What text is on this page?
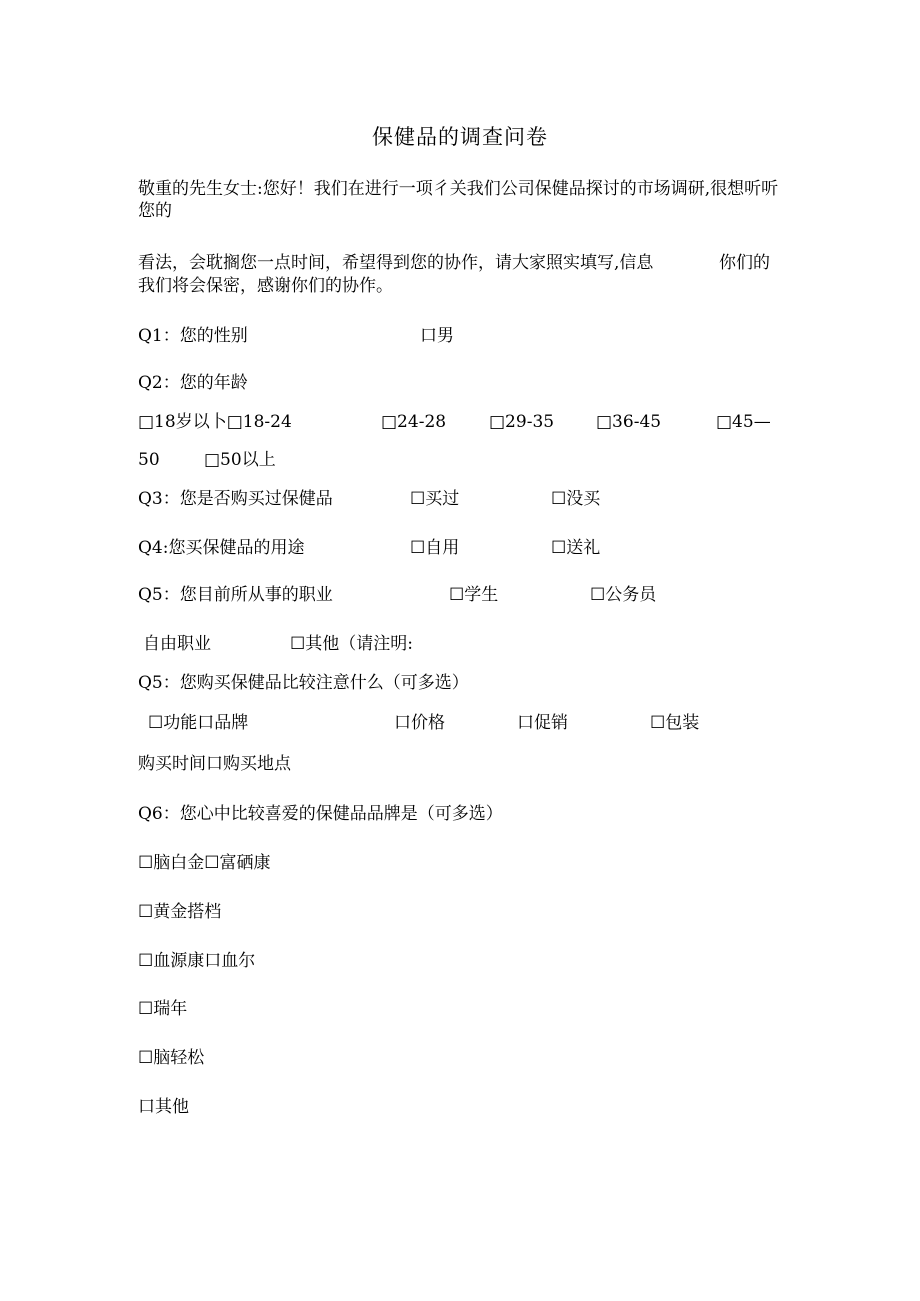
保健品的调查问卷
敬重的先生女士:您好！我们在进行一项彳关我们公司保健品探讨的市场调研,很想听听您的
看法，会耽搁您一点时间，希望得到您的协作，请大家照实填写,信息	你们的
我们将会保密，感谢你们的协作。
Q1：您的性别	口男
Q2：您的年龄
□18岁以卜□18-24	□24-28	□29-35 □36-45	□45—
50	□50以上
Q3：您是否购买过保健品	☐买过	☐没买
Q4:您买保健品的用途	☐自用	☐送礼
Q5：您目前所从事的职业	☐学生	☐公务员
自由职业	☐其他（请注明:
Q5：您购买保健品比较注意什么（可多选）
☐功能口品牌	口价格	口促销	☐包装
购买时间口购买地点
Q6：您心中比较喜爱的保健品品牌是（可多选）
☐脑白金☐富硒康
☐黄金搭档
☐血源康口血尔
☐瑞年
☐脑轻松
口其他
